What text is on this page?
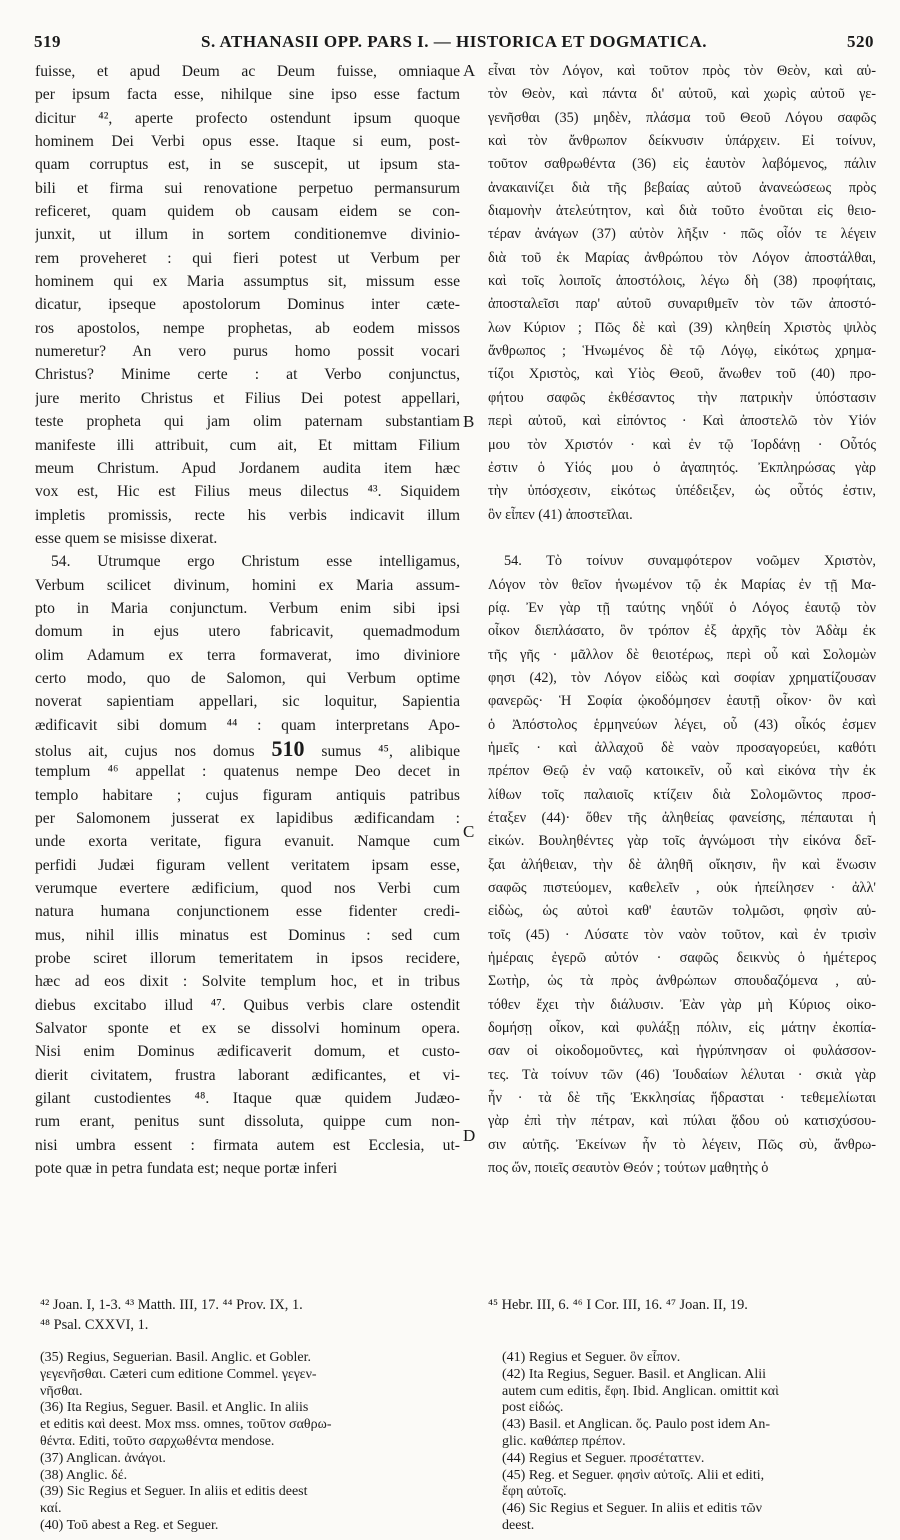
519	S. ATHANASII OPP. PARS I. — HISTORICA ET DOGMATICA.	520
fuisse, et apud Deum ac Deum fuisse, omniaque
per ipsum facta esse, nihilque sine ipso esse factum
dicitur ⁴², aperte profecto ostendunt ipsum quoque
hominem Dei Verbi opus esse. Itaque si eum, post-
quam corruptus est, in se suscepit, ut ipsum sta-
bili et firma sui renovatione perpetuo permansurum
reficeret, quam quidem ob causam eidem se con-
junxit, ut illum in sortem conditionemve divinio-
rem proveheret : qui fieri potest ut Verbum per
hominem qui ex Maria assumptus sit, missum esse
dicatur, ipseque apostolorum Dominus inter cæte-
ros apostolos, nempe prophetas, ab eodem missos
numeretur? An vero purus homo possit vocari
Christus? Minime certe : at Verbo conjunctus,
jure merito Christus et Filius Dei potest appellari,
teste propheta qui jam olim paternam substantiam
manifeste illi attribuit, cum ait, Et mittam Filium
meum Christum. Apud Jordanem audita item hæc
vox est, Hic est Filius meus dilectus ⁴³. Siquidem
impletis promissis, recte his verbis indicavit illum
esse quem se misisse dixerat.
54. Utrumque ergo Christum esse intelligamus,
Verbum scilicet divinum, homini ex Maria assum-
pto in Maria conjunctum. Verbum enim sibi ipsi
domum in ejus utero fabricavit, quemadmodum
olim Adamum ex terra formaverat, imo diviniore
certo modo, quo de Salomon, qui Verbum optime
noverat sapientiam appellari, sic loquitur, Sapientia
ædificavit sibi domum ⁴⁴ : quam interpretans Apo-
stolus ait, cujus nos domus 510 sumus ⁴⁵, alibique
templum ⁴⁶ appellat : quatenus nempe Deo decet in
templo habitare ; cujus figuram antiquis patribus
per Salomonem jusserat ex lapidibus ædificandam :
unde exorta veritate, figura evanuit. Namque cum
perfidi Judæi figuram vellent veritatem ipsam esse,
verumque evertere ædificium, quod nos Verbi cum
natura humana conjunctionem esse fidenter credi-
mus, nihil illis minatus est Dominus : sed cum
probe sciret illorum temeritatem in ipsos recidere,
hæc ad eos dixit : Solvite templum hoc, et in tribus
diebus excitabo illud ⁴⁷. Quibus verbis clare ostendit
Salvator sponte et ex se dissolvi hominum opera.
Nisi enim Dominus ædificaverit domum, et custo-
dierit civitatem, frustra laborant ædificantes, et vi-
gilant custodientes ⁴⁸. Itaque quæ quidem Judæo-
rum erant, penitus sunt dissoluta, quippe cum non-
nisi umbra essent : firmata autem est Ecclesia, ut-
pote quæ in petra fundata est; neque portæ inferi
εἶναι τὸν Λόγον, καὶ τοῦτον πρὸς τὸν Θεὸν, καὶ αὐ-
τὸν Θεὸν, καὶ πάντα δι' αὐτοῦ, καὶ χωρὶς αὐτοῦ γε-
γενῆσθαι (35) μηδὲν, πλάσμα τοῦ Θεοῦ Λόγου σαφῶς
καὶ τὸν ἄνθρωπον δείκνυσιν ὑπάρχειν. Εἰ τοίνυν,
τοῦτον σαθρωθέντα (36) εἰς ἑαυτὸν λαβόμενος, πάλιν
ἀνακαινίζει διὰ τῆς βεβαίας αὐτοῦ ἀνανεώσεως πρὸς
διαμονὴν ἀτελεύτητον, καὶ διὰ τοῦτο ἑνοῦται εἰς θειο-
τέραν ἀνάγων (37) αὐτὸν λῆξιν · πῶς οἷόν τε λέγειν
διὰ τοῦ ἐκ Μαρίας ἀνθρώπου τὸν Λόγον ἀποστάλθαι,
καὶ τοῖς λοιποῖς ἀποστόλοις, λέγω δὴ (38) προφήταις,
ἀποσταλεῖσι παρ' αὐτοῦ συναριθμεῖν τὸν τῶν ἀποστό-
λων Κύριον ; Πῶς δὲ καὶ (39) κληθείη Χριστὸς ψιλὸς
ἄνθρωπος ; Ἡνωμένος δὲ τῷ Λόγῳ, εἰκότως χρημα-
τίζοι Χριστὸς, καὶ Υἱὸς Θεοῦ, ἄνωθεν τοῦ (40) προ-
φήτου σαφῶς ἐκθέσαντος τὴν πατρικὴν ὑπόστασιν
περὶ αὐτοῦ, καὶ εἰπόντος · Καὶ ἀποστελῶ τὸν Υἱόν
μου τὸν Χριστόν · καὶ ἐν τῷ Ἰορδάνῃ · Οὗτός
ἐστιν ὁ Υἱός μου ὁ ἀγαπητός. Ἐκπληρώσας γὰρ
τὴν ὑπόσχεσιν, εἰκότως ὑπέδειξεν, ὡς οὗτός ἐστιν,
ὃν εἶπεν (41) ἀποστεῖλαι.

54. Τὸ τοίνυν συναμφότερον νοῶμεν Χριστὸν,
Λόγον τὸν θεῖον ἡνωμένον τῷ ἐκ Μαρίας ἐν τῇ Μα-
ρίᾳ. Ἐν γὰρ τῇ ταύτης νηδύϊ ὁ Λόγος ἑαυτῷ τὸν
οἶκον διεπλάσατο, ὃν τρόπον ἐξ ἀρχῆς τὸν Ἀδὰμ ἐκ
τῆς γῆς · μᾶλλον δὲ θειοτέρως, περὶ οὗ καὶ Σολομὼν
φησι (42), τὸν Λόγον εἰδὼς καὶ σοφίαν χρηματίζουσαν
φανερῶς· Ἡ Σοφία ᾠκοδόμησεν ἑαυτῇ οἶκον· ὃν καὶ
ὁ Ἀπόστολος ἑρμηνεύων λέγει, οὗ (43) οἶκός ἐσμεν
ἡμεῖς · καὶ ἀλλαχοῦ δὲ ναὸν προσαγορεύει, καθότι
πρέπον Θεῷ ἐν ναῷ κατοικεῖν, οὗ καὶ εἰκόνα τὴν ἐκ
λίθων τοῖς παλαιοῖς κτίζειν διὰ Σολομῶντος προσ-
έταξεν (44)· ὅθεν τῆς ἀληθείας φανείσης, πέπαυται ἡ
εἰκών. Βουληθέντες γὰρ τοῖς ἀγνώμοσι τὴν εἰκόνα δεῖ-
ξαι ἀλήθειαν, τὴν δὲ ἀληθῆ οἴκησιν, ἣν καὶ ἕνωσιν
σαφῶς πιστεύομεν, καθελεῖν , οὐκ ἠπείλησεν · ἀλλ'
εἰδὼς, ὡς αὐτοὶ καθ' ἑαυτῶν τολμῶσι, φησὶν αὐ-
τοῖς (45) · Λύσατε τὸν ναὸν τοῦτον, καὶ ἐν τρισὶν
ἡμέραις ἐγερῶ αὐτόν · σαφῶς δεικνὺς ὁ ἡμέτερος
Σωτὴρ, ὡς τὰ πρὸς ἀνθρώπων σπουδαζόμενα , αὐ-
τόθεν ἔχει τὴν διάλυσιν. Ἐὰν γὰρ μὴ Κύριος οἰκο-
δομήσῃ οἶκον, καὶ φυλάξῃ πόλιν, εἰς μάτην ἐκοπία-
σαν οἱ οἰκοδομοῦντες, καὶ ἠγρύπνησαν οἱ φυλάσσον-
τες. Τὰ τοίνυν τῶν (46) Ἰουδαίων λέλυται · σκιὰ γὰρ
ἦν · τὰ δὲ τῆς Ἐκκλησίας ἥδρασται · τεθεμελίωται
γὰρ ἐπὶ τὴν πέτραν, καὶ πύλαι ᾅδου οὐ κατισχύσου-
σιν αὐτῆς. Ἐκείνων ἦν τὸ λέγειν, Πῶς σὺ, ἄνθρω-
πος ὤν, ποιεῖς σεαυτὸν Θεόν ; τούτων μαθητὴς ὁ
A
B
C
D
⁴² Joan. I, 1-3. ⁴³ Matth. III, 17. ⁴⁴ Prov. IX, 1.
⁴⁸ Psal. CXXVI, 1.
⁴⁵ Hebr. III, 6. ⁴⁶ I Cor. III, 16. ⁴⁷ Joan. II, 19.
(35) Regius, Seguerian. Basil. Anglic. et Gobler.
γεγενῆσθαι. Cæteri cum editione Commel. γεγεν-
νῆσθαι.
(36) Ita Regius, Seguer. Basil. et Anglic. In aliis
et editis καὶ deest. Mox mss. omnes, τοῦτον σαθρω-
θέντα. Editi, τοῦτο σαρχωθέντα mendose.
(37) Anglican. ἀνάγοι.
(38) Anglic. δέ.
(39) Sic Regius et Seguer. In aliis et editis deest
καί.
(40) Τοῦ abest a Reg. et Seguer.
(41) Regius et Seguer. ὃν εἶπον.
(42) Ita Regius, Seguer. Basil. et Anglican. Alii
autem cum editis, ἔφη. Ibid. Anglican. omittit καὶ
post εἰδώς.
(43) Basil. et Anglican. ὅς. Paulo post idem An-
glic. καθάπερ πρέπον.
(44) Regius et Seguer. προσέταττεν.
(45) Reg. et Seguer. φησὶν αὐτοῖς. Alii et editi,
ἔφη αὐτοῖς.
(46) Sic Regius et Seguer. In aliis et editis τῶν
deest.
